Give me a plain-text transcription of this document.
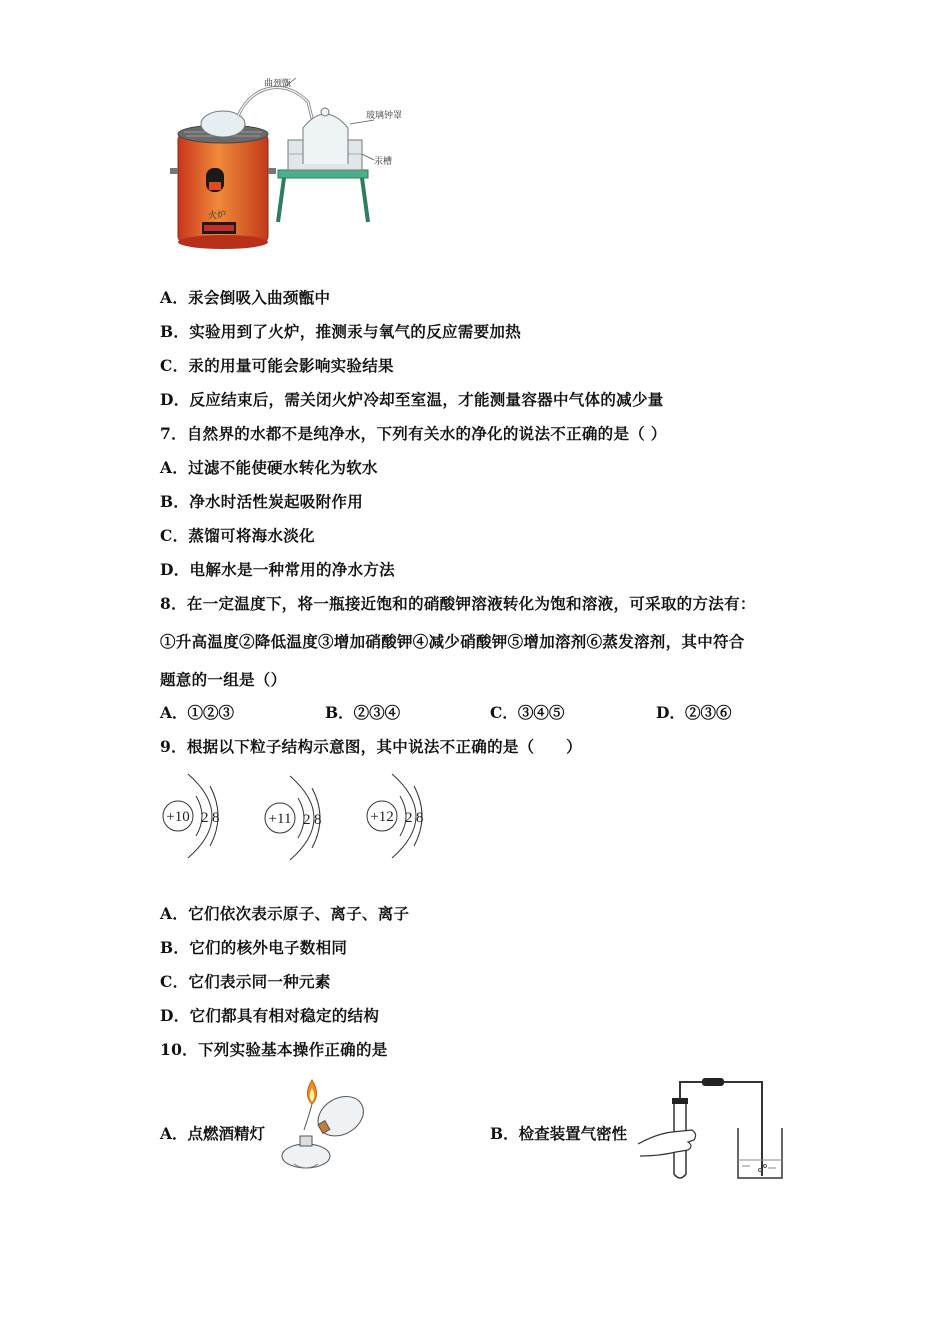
火炉
曲颈甑
玻璃钟罩
汞槽
A．汞会倒吸入曲颈甑中
B．实验用到了火炉，推测汞与氧气的反应需要加热
C．汞的用量可能会影响实验结果
D．反应结束后，需关闭火炉冷却至室温，才能测量容器中气体的减少量
7．自然界的水都不是纯净水，下列有关水的净化的说法不正确的是（ ）
A．过滤不能使硬水转化为软水
B．净水时活性炭起吸附作用
C．蒸馏可将海水淡化
D．电解水是一种常用的净水方法
8．在一定温度下，将一瓶接近饱和的硝酸钾溶液转化为饱和溶液，可采取的方法有：
①升高温度②降低温度③增加硝酸钾④减少硝酸钾⑤增加溶剂⑥蒸发溶剂，其中符合
题意的一组是（）
A．①②③	B．②③④	C．③④⑤	D．②③⑥
9．根据以下粒子结构示意图，其中说法不正确的是（　　）
+10 2 8	+11 2 8	+12 2 8
A．它们依次表示原子、离子、离子
B．它们的核外电子数相同
C．它们表示同一种元素
D．它们都具有相对稳定的结构
10．下列实验基本操作正确的是
A．点燃酒精灯	B．检查装置气密性
